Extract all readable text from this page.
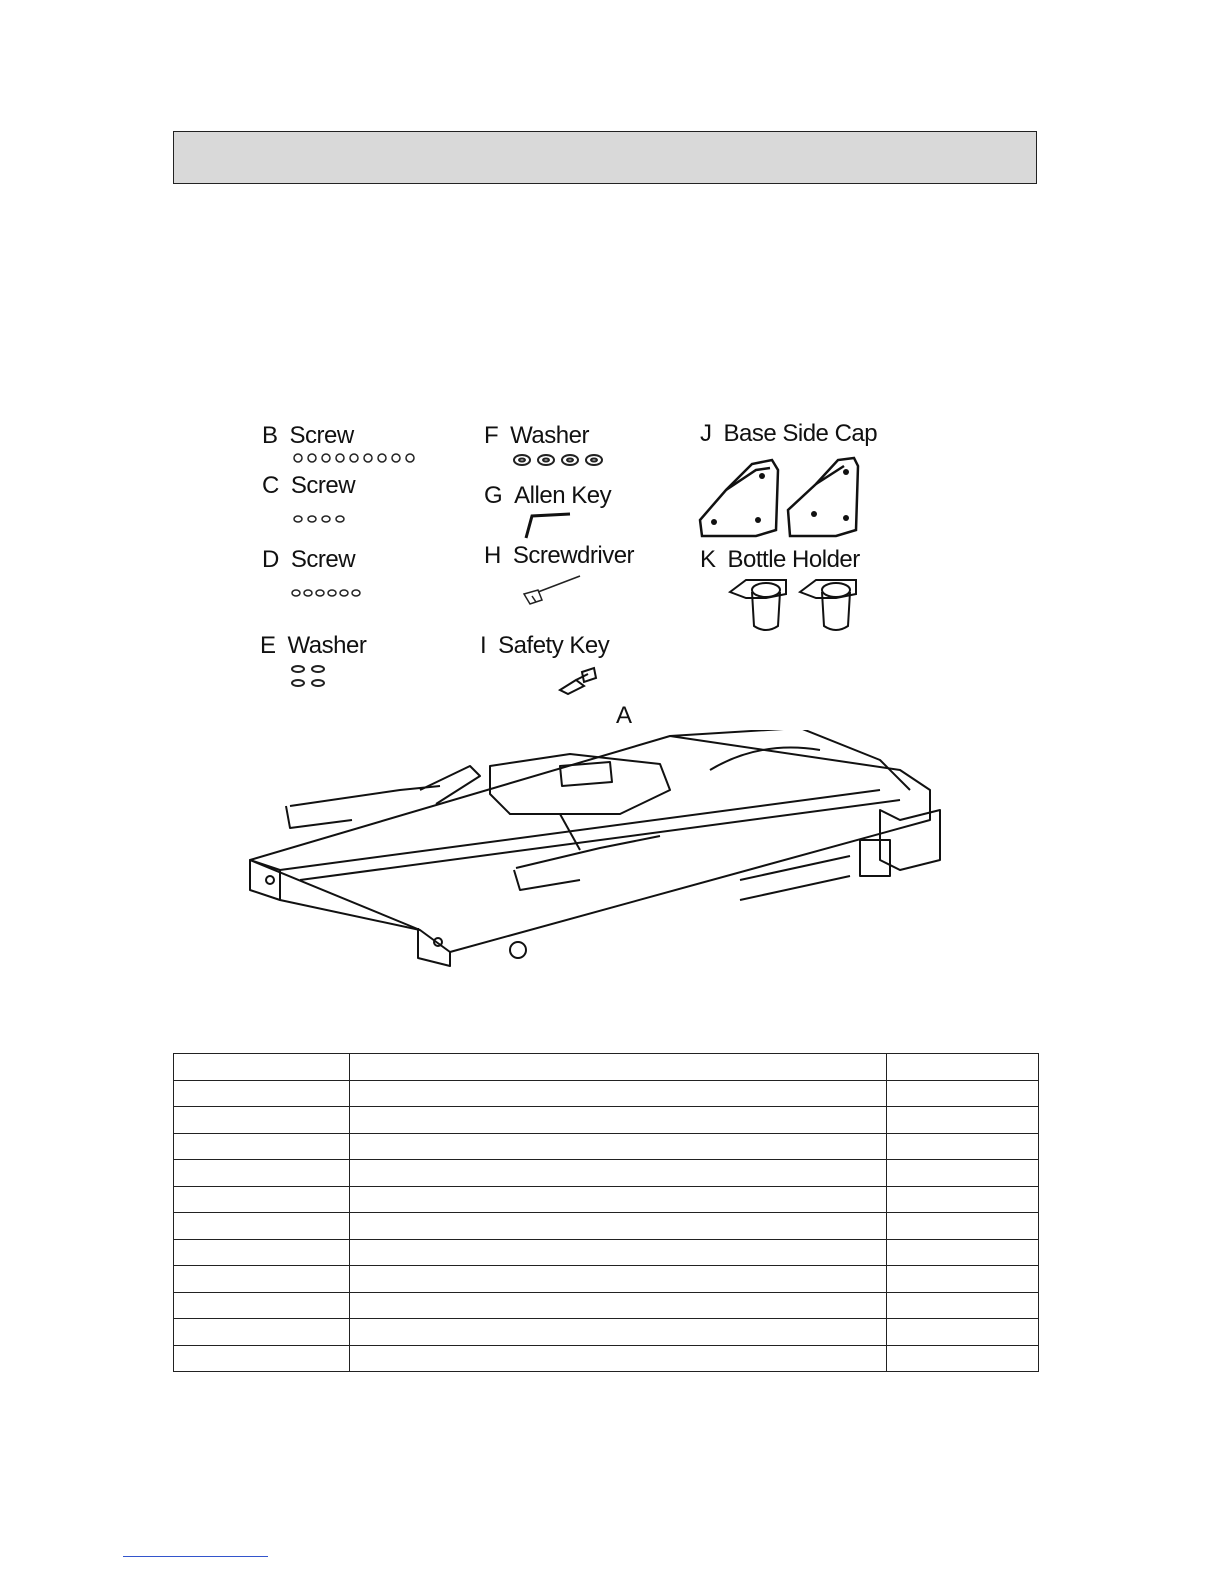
B Screw
C Screw
D Screw
E Washer
F Washer
G Allen Key
H Screwdriver
I Safety Key
J Base Side Cap
K Bottle Holder
A
